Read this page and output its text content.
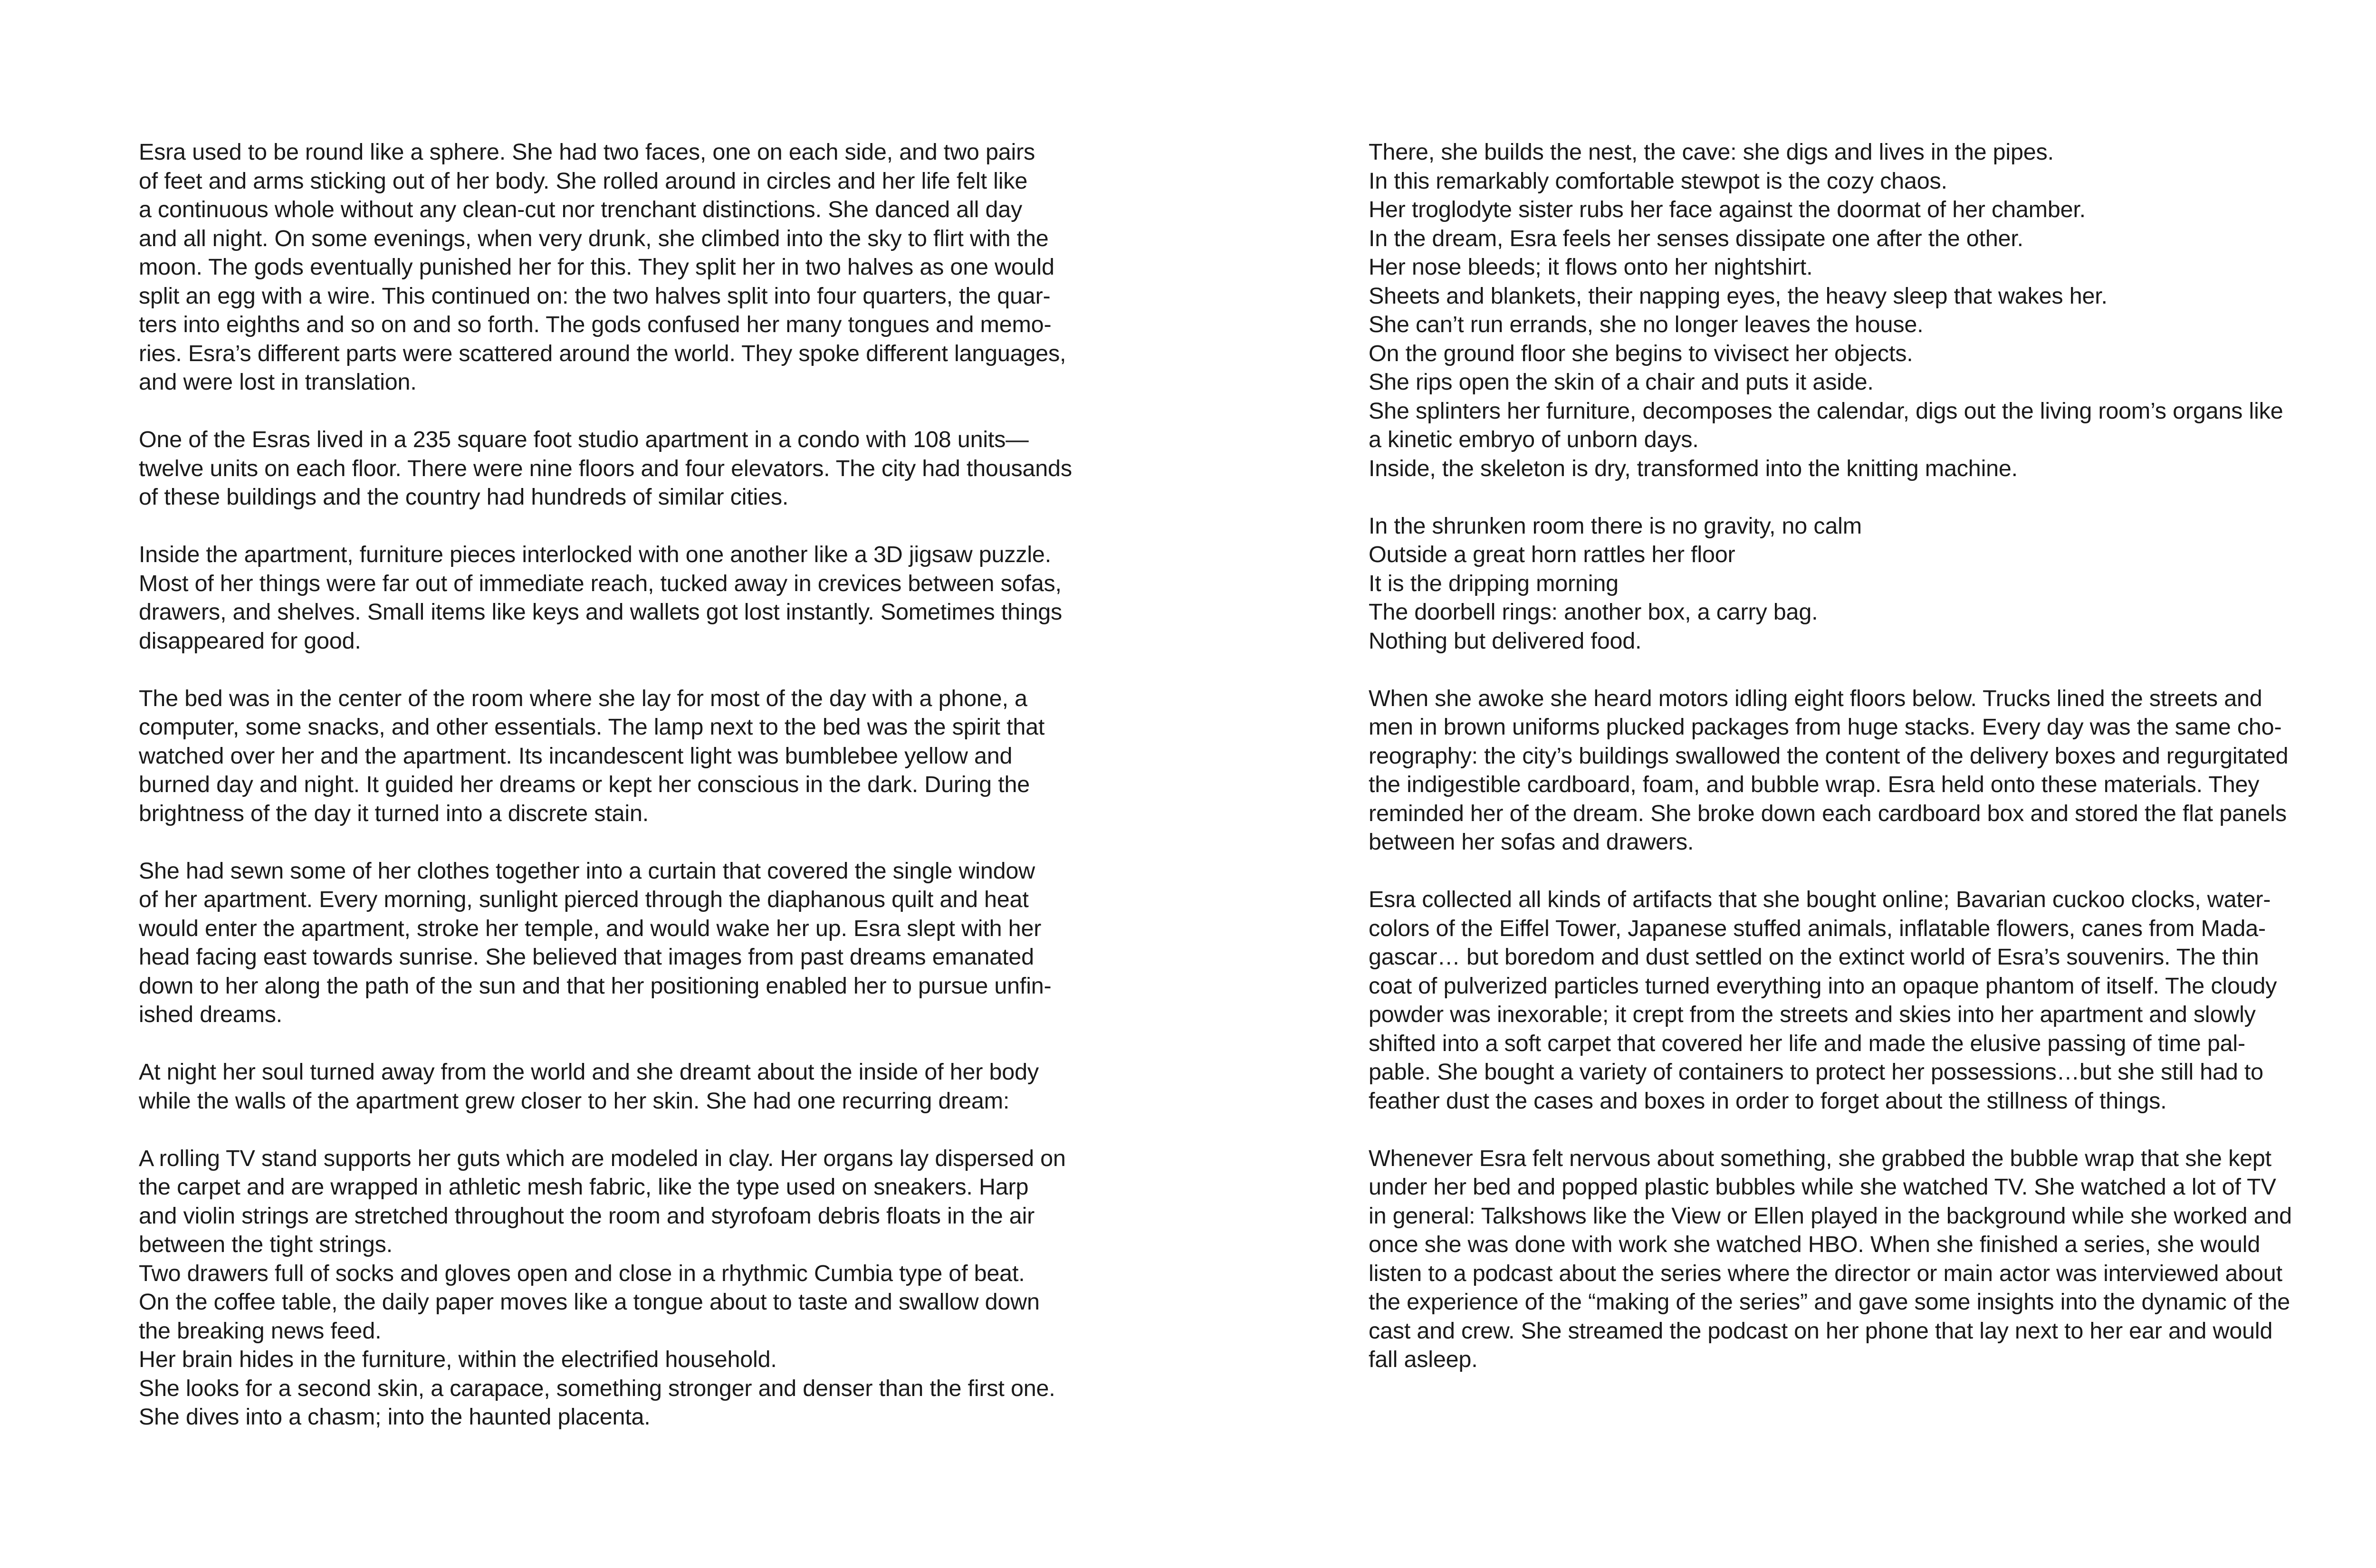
Esra used to be round like a sphere. She had two faces, one on each side, and two pairs
of feet and arms sticking out of her body. She rolled around in circles and her life felt like
a continuous whole without any clean-cut nor trenchant distinctions. She danced all day
and all night. On some evenings, when very drunk, she climbed into the sky to flirt with the
moon. The gods eventually punished her for this. They split her in two halves as one would
split an egg with a wire. This continued on: the two halves split into four quarters, the quar-
ters into eighths and so on and so forth. The gods confused her many tongues and memo-
ries. Esra’s different parts were scattered around the world. They spoke different languages,
and were lost in translation.
One of the Esras lived in a 235 square foot studio apartment in a condo with 108 units—
twelve units on each floor. There were nine floors and four elevators. The city had thousands
of these buildings and the country had hundreds of similar cities.
Inside the apartment, furniture pieces interlocked with one another like a 3D jigsaw puzzle.
Most of her things were far out of immediate reach, tucked away in crevices between sofas,
drawers, and shelves. Small items like keys and wallets got lost instantly. Sometimes things
disappeared for good.
The bed was in the center of the room where she lay for most of the day with a phone, a
computer, some snacks, and other essentials. The lamp next to the bed was the spirit that
watched over her and the apartment. Its incandescent light was bumblebee yellow and
burned day and night. It guided her dreams or kept her conscious in the dark. During the
brightness of the day it turned into a discrete stain.
She had sewn some of her clothes together into a curtain that covered the single window
of her apartment. Every morning, sunlight pierced through the diaphanous quilt and heat
would enter the apartment, stroke her temple, and would wake her up. Esra slept with her
head facing east towards sunrise. She believed that images from past dreams emanated
down to her along the path of the sun and that her positioning enabled her to pursue unfin-
ished dreams.
At night her soul turned away from the world and she dreamt about the inside of her body
while the walls of the apartment grew closer to her skin. She had one recurring dream:
A rolling TV stand supports her guts which are modeled in clay. Her organs lay dispersed on
the carpet and are wrapped in athletic mesh fabric, like the type used on sneakers. Harp
and violin strings are stretched throughout the room and styrofoam debris floats in the air
between the tight strings.
Two drawers full of socks and gloves open and close in a rhythmic Cumbia type of beat.
On the coffee table, the daily paper moves like a tongue about to taste and swallow down
the breaking news feed.
Her brain hides in the furniture, within the electrified household.
She looks for a second skin, a carapace, something stronger and denser than the first one.
She dives into a chasm; into the haunted placenta.
There, she builds the nest, the cave: she digs and lives in the pipes.
In this remarkably comfortable stewpot is the cozy chaos.
Her troglodyte sister rubs her face against the doormat of her chamber.
In the dream, Esra feels her senses dissipate one after the other.
Her nose bleeds; it flows onto her nightshirt.
Sheets and blankets, their napping eyes, the heavy sleep that wakes her.
She can’t run errands, she no longer leaves the house.
On the ground floor she begins to vivisect her objects.
She rips open the skin of a chair and puts it aside.
She splinters her furniture, decomposes the calendar, digs out the living room’s organs like
a kinetic embryo of unborn days.
Inside, the skeleton is dry, transformed into the knitting machine.
In the shrunken room there is no gravity, no calm
Outside a great horn rattles her floor
It is the dripping morning
The doorbell rings: another box, a carry bag.
Nothing but delivered food.
When she awoke she heard motors idling eight floors below. Trucks lined the streets and
men in brown uniforms plucked packages from huge stacks. Every day was the same cho-
reography: the city’s buildings swallowed the content of the delivery boxes and regurgitated
the indigestible cardboard, foam, and bubble wrap. Esra held onto these materials. They
reminded her of the dream. She broke down each cardboard box and stored the flat panels
between her sofas and drawers.
Esra collected all kinds of artifacts that she bought online; Bavarian cuckoo clocks, water-
colors of the Eiffel Tower, Japanese stuffed animals, inflatable flowers, canes from Mada-
gascar… but boredom and dust settled on the extinct world of Esra’s souvenirs. The thin
coat of pulverized particles turned everything into an opaque phantom of itself. The cloudy
powder was inexorable; it crept from the streets and skies into her apartment and slowly
shifted into a soft carpet that covered her life and made the elusive passing of time pal-
pable. She bought a variety of containers to protect her possessions…but she still had to
feather dust the cases and boxes in order to forget about the stillness of things.
Whenever Esra felt nervous about something, she grabbed the bubble wrap that she kept
under her bed and popped plastic bubbles while she watched TV. She watched a lot of TV
in general: Talkshows like the View or Ellen played in the background while she worked and
once she was done with work she watched HBO. When she finished a series, she would
listen to a podcast about the series where the director or main actor was interviewed about
the experience of the “making of the series” and gave some insights into the dynamic of the
cast and crew. She streamed the podcast on her phone that lay next to her ear and would
fall asleep.
